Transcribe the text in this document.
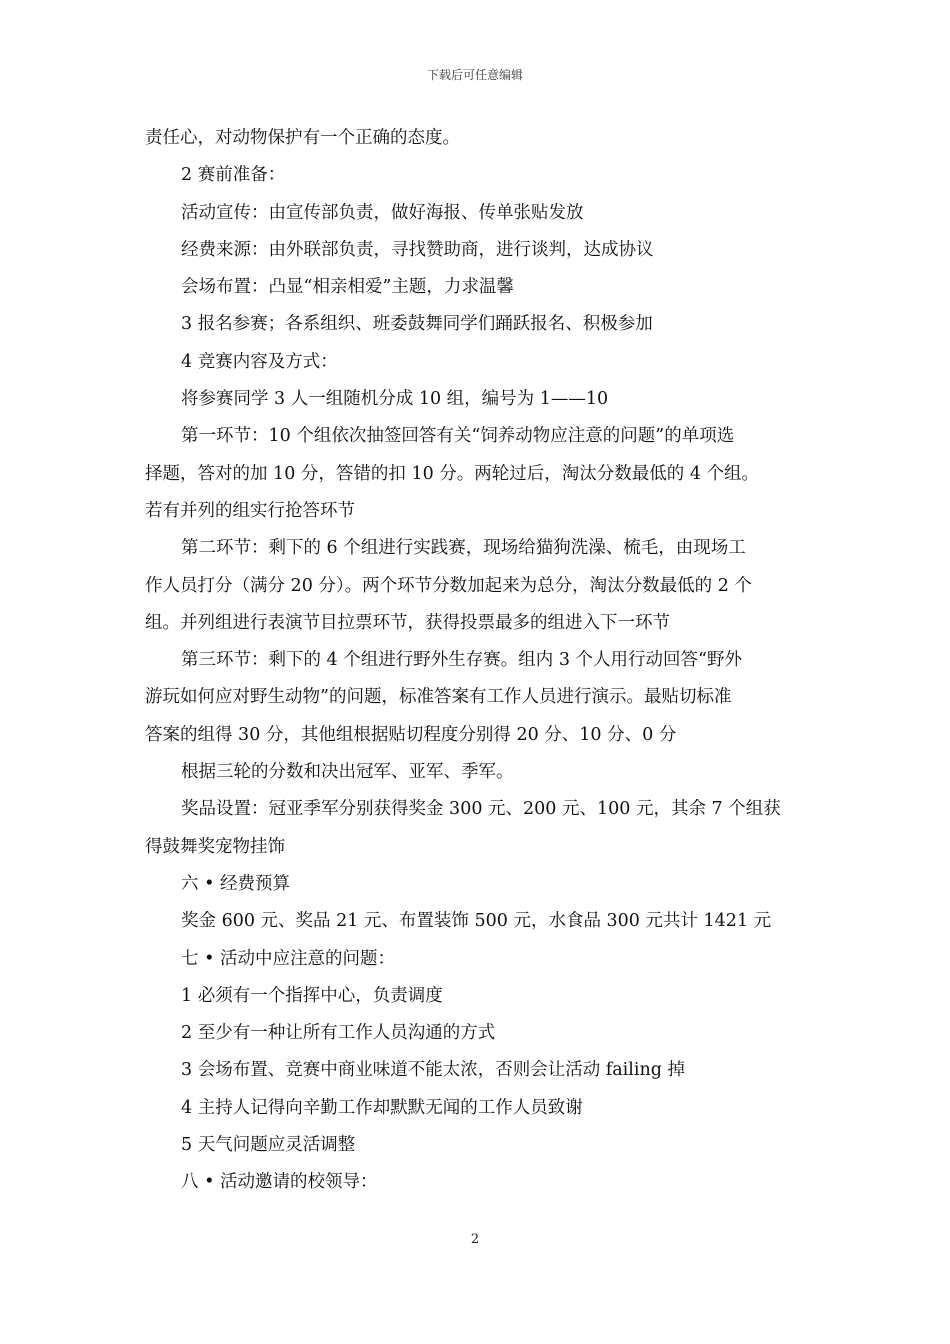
下载后可任意编辑

责任心，对动物保护有一个正确的态度。

2 赛前准备：

活动宣传：由宣传部负责，做好海报、传单张贴发放

经费来源：由外联部负责，寻找赞助商，进行谈判，达成协议

会场布置：凸显“相亲相爱”主题，力求温馨

3 报名参赛；各系组织、班委鼓舞同学们踊跃报名、积极参加

4 竞赛内容及方式：

将参赛同学 3 人一组随机分成 10 组，编号为 1——10

第一环节：10 个组依次抽签回答有关“饲养动物应注意的问题”的单项选

择题，答对的加 10 分，答错的扣 10 分。两轮过后，淘汰分数最低的 4 个组。

若有并列的组实行抢答环节

第二环节：剩下的 6 个组进行实践赛，现场给猫狗洗澡、梳毛，由现场工

作人员打分（满分 20 分）。两个环节分数加起来为总分，淘汰分数最低的 2 个

组。并列组进行表演节目拉票环节，获得投票最多的组进入下一环节

第三环节：剩下的 4 个组进行野外生存赛。组内 3 个人用行动回答“野外

游玩如何应对野生动物”的问题，标准答案有工作人员进行演示。最贴切标准

答案的组得 30 分，其他组根据贴切程度分别得 20 分、10 分、0 分

根据三轮的分数和决出冠军、亚军、季军。

奖品设置：冠亚季军分别获得奖金 300 元、200 元、100 元，其余 7 个组获

得鼓舞奖宠物挂饰

六 • 经费预算

奖金 600 元、奖品 21 元、布置装饰 500 元，水食品 300 元共计 1421 元

七 • 活动中应注意的问题：

1 必须有一个指挥中心，负责调度

2 至少有一种让所有工作人员沟通的方式

3 会场布置、竞赛中商业味道不能太浓，否则会让活动 failing 掉

4 主持人记得向辛勤工作却默默无闻的工作人员致谢

5 天气问题应灵活调整

八 • 活动邀请的校领导：

2
